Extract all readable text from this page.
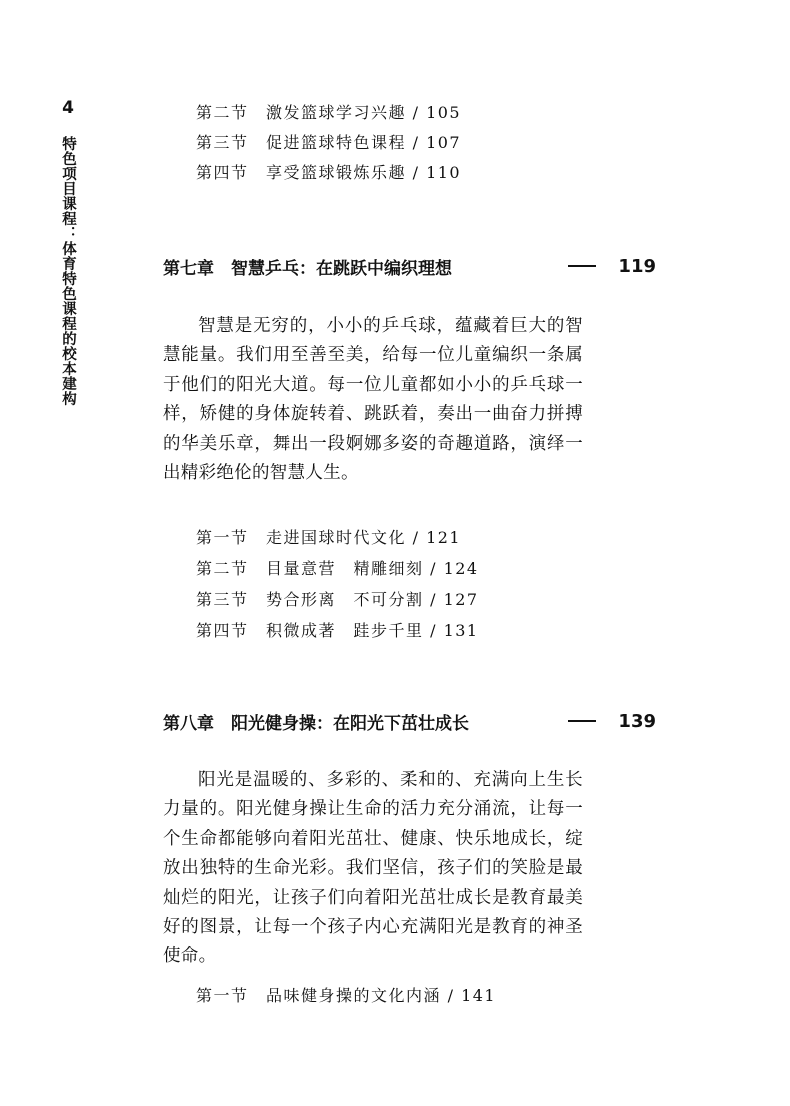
4
特色项目课程：体育特色课程的校本建构
第二节　激发篮球学习兴趣 / 105
第三节　促进篮球特色课程 / 107
第四节　享受篮球锻炼乐趣 / 110
第七章　智慧乒乓：在跳跃中编织理想	119
智慧是无穷的，小小的乒乓球，蕴藏着巨大的智慧能量。我们用至善至美，给每一位儿童编织一条属于他们的阳光大道。每一位儿童都如小小的乒乓球一样，矫健的身体旋转着、跳跃着，奏出一曲奋力拼搏的华美乐章，舞出一段婀娜多姿的奇趣道路，演绎一出精彩绝伦的智慧人生。
第一节　走进国球时代文化 / 121
第二节　目量意营　精雕细刻 / 124
第三节　势合形离　不可分割 / 127
第四节　积微成著　跬步千里 / 131
第八章　阳光健身操：在阳光下茁壮成长	139
阳光是温暖的、多彩的、柔和的、充满向上生长力量的。阳光健身操让生命的活力充分涌流，让每一个生命都能够向着阳光茁壮、健康、快乐地成长，绽放出独特的生命光彩。我们坚信，孩子们的笑脸是最灿烂的阳光，让孩子们向着阳光茁壮成长是教育最美好的图景，让每一个孩子内心充满阳光是教育的神圣使命。
第一节　品味健身操的文化内涵 / 141
